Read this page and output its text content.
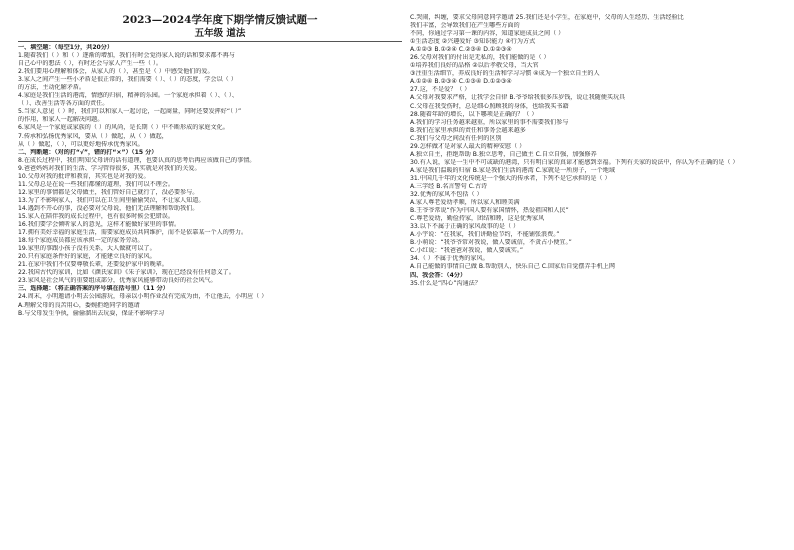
2023—2024学年度下期学情反馈试题一
五年级 道法
一、填空题：（每空1分，共20分）
1.随着我们（ ）和（ ）逐渐的增加，我们有时会觉得家人说的话和要求都不再与
自己心中的想法（ ），有时还会与家人产生一些（ ）。
2.我们要用心理解和体会，从家人的（ ），甚至是（ ）中感受他们的爱。
3.家人之间产生一些小矛盾是很正常的，我们需要（ ）、（ ）的态度，学会以（ ）
的方法，主动化解矛盾。
4.家庭是我们生活的港湾，情感的归宿，精神的乐园。一个家庭承担着（ ）、（ ）、
（ ）、改善生活等各方面的责任。
5.当家人意见（ ）时，我们可以和家人一起讨论，一起商量，同时还要发挥好“（ ）”
的作用，和家人一起解决问题。
6.家风是一个家庭或家族的（ ）的风尚，是长期（ ）中不断形成的家庭文化。
7.传承和弘扬优秀家风，要从（ ）做起，从（ ）做起，
从（ ）做起，（ ），可以更好地传承优秀家风。
二、判断题：（对的打“√”，错的打“×”）（15 分）
8.在成长过程中，我们明知父母讲的话有道理，也要认真的思考后再应该做自己的事情。
9.爸爸妈妈对我们的生活、学习管得很多，其实就是对我们的关爱。
10.父母对我的批评和教育，其实也是对我的爱。
11.父母总是在说一些我们都懂的道理，我们可以不理会。
12.家里的事情都是父母做主，我们管好自己就行了，没必要参与。
13.为了不影响家人，我们可以在卫生间里偷偷哭泣，不让家人知道。
14.遇到不开心的事，没必要对父母说，他们无法理解和帮助我们。
15.家人在陪伴我的成长过程中，也有很多时候会犯错误。
16.我们要学会倾听家人的意见，这样才能做好家里的事情。
17.拥有美好幸福的家庭生活，需要家庭成员共同维护，而不是依靠某一个人的努力。
18.每个家庭成员都应该承担一定的家务劳动。
19.家里的事跟小孩子没有关系，大人做就可以了。
20.只有家庭条件好的家庭，才能建立良好的家风。
21.在家中我们不仅要尊敬长辈，还要爱护家中的晚辈。
22.我国古代的家训，比如《颜氏家训》《朱子家训》，现在已经没有任何意义了。
23.家风是社会风气的重要组成部分，优秀家风能够带动良好的社会风气。
三、选择题：（将正确答案的序号填在括号里）（11 分）
24.周末，小明邀请小明去公园游玩，母亲以小明作业没有完成为由，不让他去，小明应（ ）
A.理解父母的良苦用心，委婉拒绝同学的邀请
B.与父母发生争执，偷偷溜出去玩耍，保证不影响学习
C.哭闹，纠缠，要求父母同意同学邀请 25.我们还是小学生，在家庭中，父母的人生经历、生活经验比
我们丰富，会导致我们在产生哪些方面的
不同，你通过学习第一课的内容，知道家庭成员之间（ ）
①生活态度 ②兴趣爱好 ③知识能力 ④行为方式
A.①②③ B.①②④ C.②③④ D.①②③④
26.父母对我们的付出是无私的，我们能做的是（ ）
①培养我们良好的品格 ②以后孝敬父母，当大官
③注重生活细节，养成良好的生活和学习习惯 ④成为一个独立自主的人
A.①②④ B.②③④ C.①③④ D.①②③④
27.这，不是爱？（ ）
A.父母对我要求严格，让我学会自律 B.爷爷给我很多压岁钱，说让我随便买玩具
C.父母在我受伤时，总是细心照顾我的身体，也给我买书籍
28.随着年龄的增长，以下哪项是正确的？（ ）
A.我们的学习任务越来越重，所以家里的事不需要我们参与
B.我们在家里承担的责任和事务会越来越多
C.我们与父母之间没有任何的区别
29.怎样做才是对家人最大的精神安慰（ ）
A.独立自主，拒绝帮助 B.独立思考，自己做主 C.自立自强，加强修养
30.有人说，家是一生中不可或缺的港湾，只有明白家的真谛才能感到幸福。下列有关家的说法中，你认为不正确的是（ ）
A.家是我们温暖的归宿 B.家是我们生活的港湾 C.家就是一所房子，一个地域
31.中国几千年的文化传统是一个强大的传承者，下列不是它承担的是（ ）
A.三字经 B.名言警句 C.古诗
32.优秀的家风不包括（ ）
A.家人尊老爱幼孝顺，所以家人和睦美满
B.王爷爷常说“作为中国人要有家国情怀，热爱祖国和人民”
C.尊老爱幼，勤俭持家，团结和睦，这是优秀家风
33.以下不属于正确的家风故事的是（ ）
A.小宇说：“在我家，我们讲勤俭节约，不能铺张浪费。”
B.小萌说：“我爷爷常对我说，做人要诚信，不贪占小便宜。”
C.小红说：“我爸爸对我说，做人要诚实。”
34.（ ）不属于优秀的家风。
A.自己能做的事情自己做 B.帮助别人，快乐自己 C.回家后自觉摆弄手机上网
四、我会答：（4分）
35.什么是“四心”沟通法？
